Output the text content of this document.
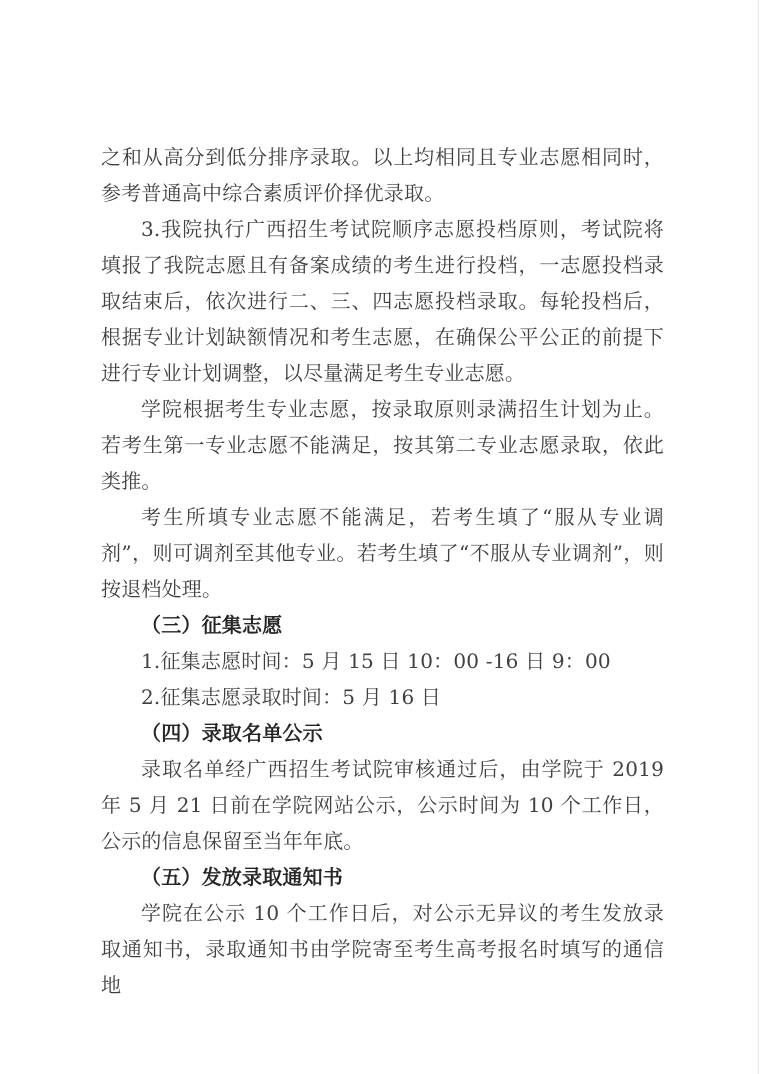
之和从高分到低分排序录取。以上均相同且专业志愿相同时，参考普通高中综合素质评价择优录取。

3.我院执行广西招生考试院顺序志愿投档原则，考试院将填报了我院志愿且有备案成绩的考生进行投档，一志愿投档录取结束后，依次进行二、三、四志愿投档录取。每轮投档后，根据专业计划缺额情况和考生志愿，在确保公平公正的前提下进行专业计划调整，以尽量满足考生专业志愿。

学院根据考生专业志愿，按录取原则录满招生计划为止。若考生第一专业志愿不能满足，按其第二专业志愿录取，依此类推。

考生所填专业志愿不能满足，若考生填了“服从专业调剂”，则可调剂至其他专业。若考生填了“不服从专业调剂”，则按退档处理。

（三）征集志愿

1.征集志愿时间：5 月 15 日 10：00 -16 日 9：00

2.征集志愿录取时间：5 月 16 日

（四）录取名单公示

录取名单经广西招生考试院审核通过后，由学院于 2019 年 5 月 21 日前在学院网站公示，公示时间为 10 个工作日，公示的信息保留至当年年底。

（五）发放录取通知书

学院在公示 10 个工作日后，对公示无异议的考生发放录取通知书，录取通知书由学院寄至考生高考报名时填写的通信地
